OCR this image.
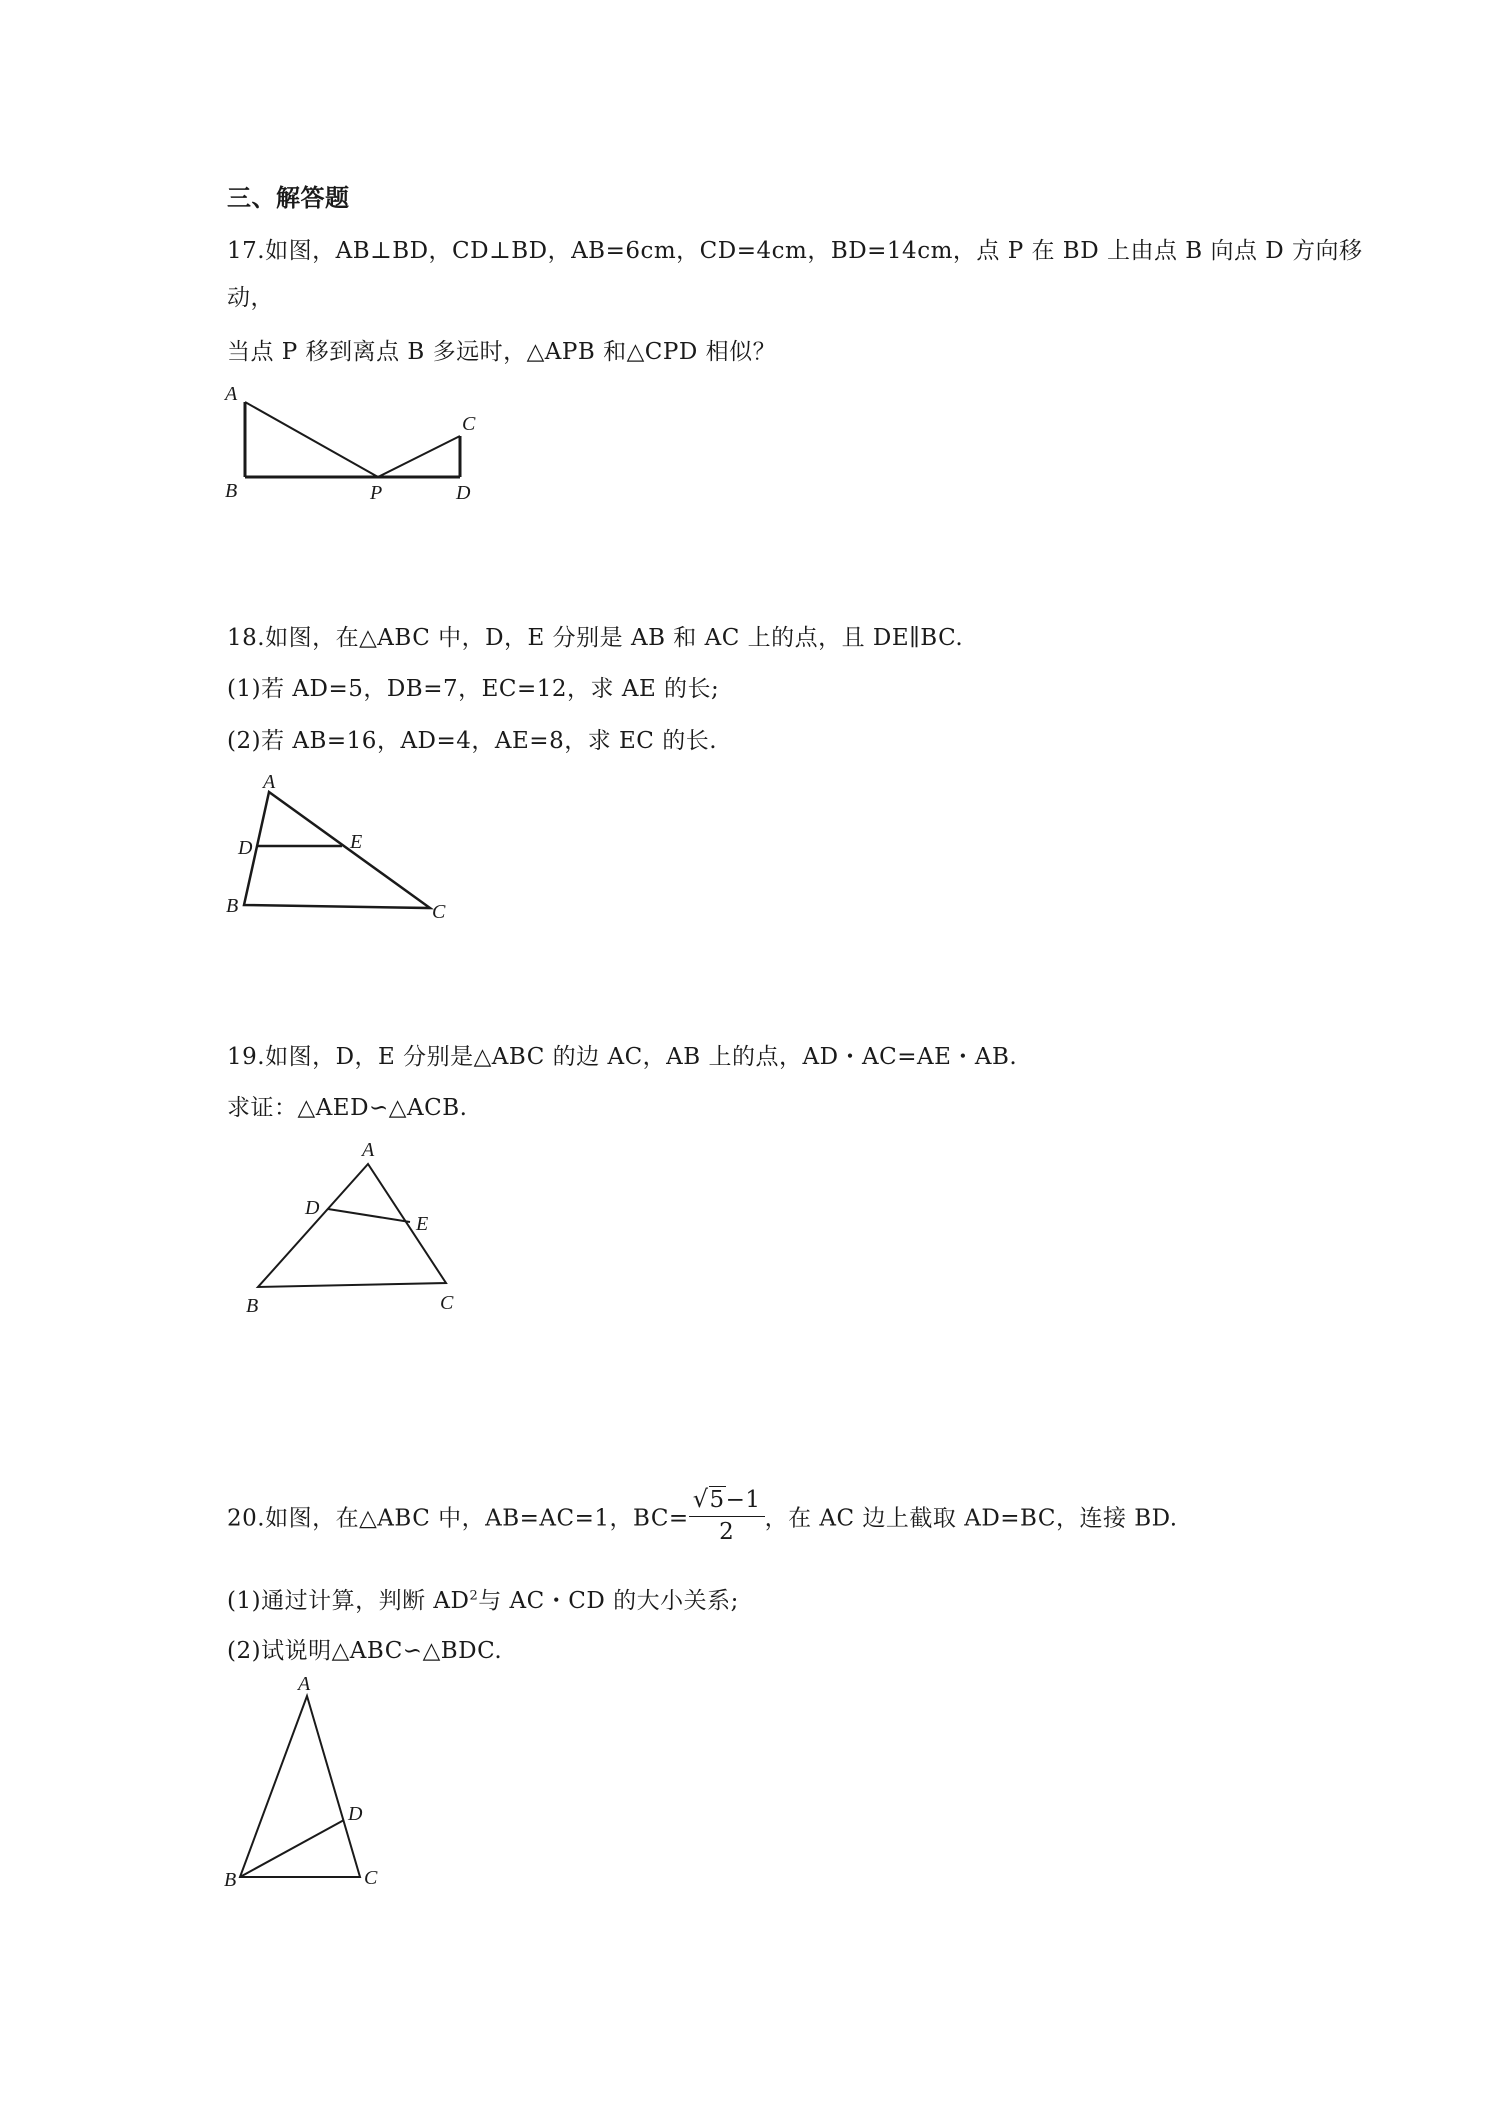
三、解答题
17.如图，AB⊥BD，CD⊥BD，AB=6cm，CD=4cm，BD=14cm，点 P 在 BD 上由点 B 向点 D 方向移
动，
当点 P 移到离点 B 多远时，△APB 和△CPD 相似？
A
B	P	D
C
18.如图，在△ABC 中，D，E 分别是 AB 和 AC 上的点，且 DE∥BC.
(1)若 AD=5，DB=7，EC=12，求 AE 的长;
(2)若 AB=16，AD=4，AE=8，求 EC 的长.
A
D	E
B	C
19.如图，D，E 分别是△ABC 的边 AC，AB 上的点，AD・AC=AE・AB.
求证：△AED∽△ACB.
A
D
E
B	C
20.如图，在△ABC 中，AB=AC=1，$BC= \frac{√5-1}{2}$ ，在 AC 边上截取 AD=BC，连接 BD.
(1)通过计算，判断 $AD^2$与 AC・CD 的大小关系;
(2)试说明△ABC∽△BDC.
A
D
B	C
